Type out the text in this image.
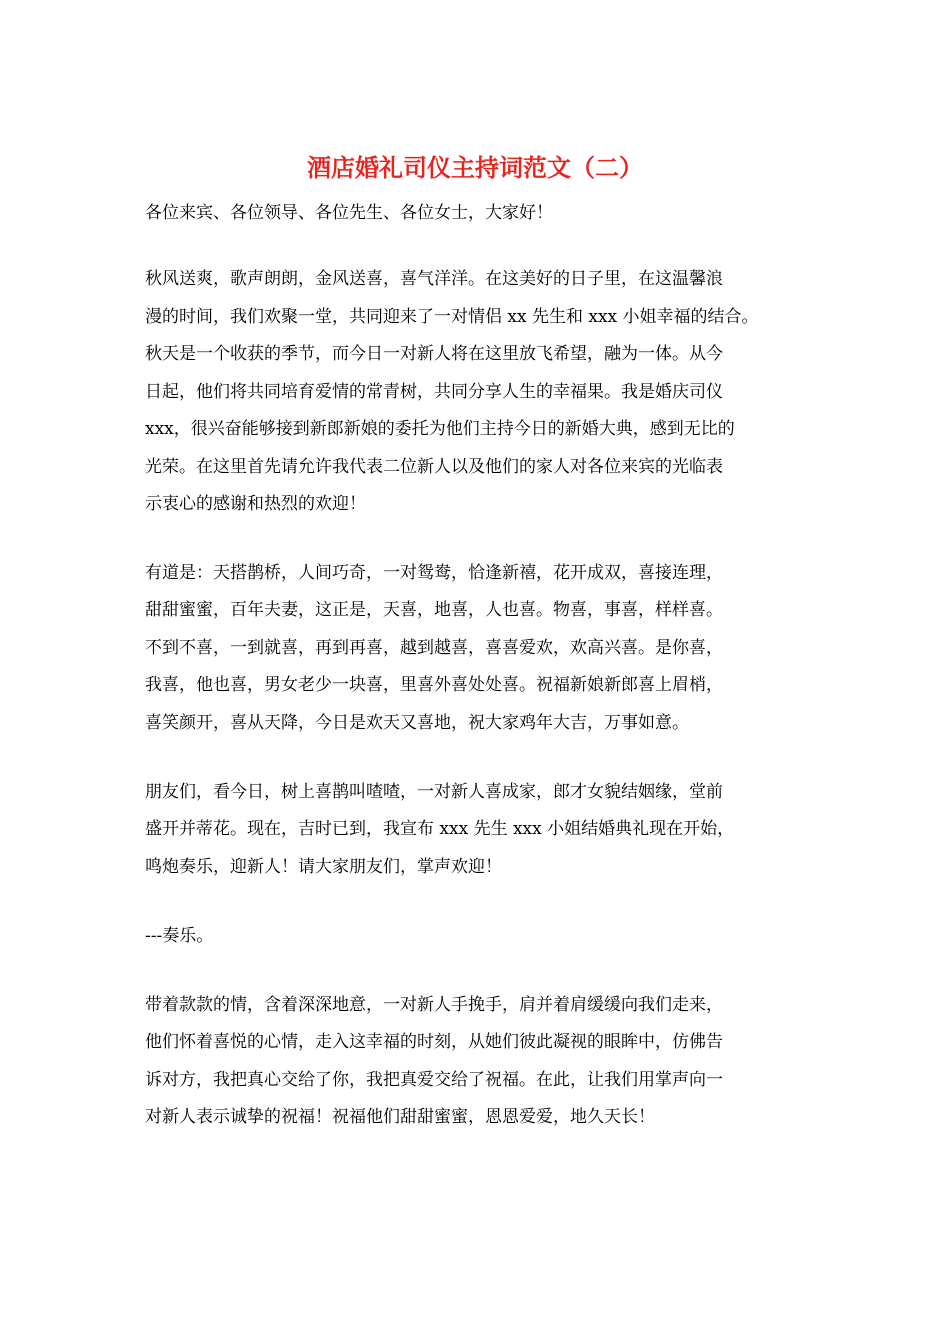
酒店婚礼司仪主持词范文（二）
各位来宾、各位领导、各位先生、各位女士，大家好！
秋风送爽，歌声朗朗，金风送喜，喜气洋洋。在这美好的日子里，在这温馨浪
漫的时间，我们欢聚一堂，共同迎来了一对情侣 xx 先生和 xxx 小姐幸福的结合。
秋天是一个收获的季节，而今日一对新人将在这里放飞希望，融为一体。从今
日起，他们将共同培育爱情的常青树，共同分享人生的幸福果。我是婚庆司仪
xxx，很兴奋能够接到新郎新娘的委托为他们主持今日的新婚大典，感到无比的
光荣。在这里首先请允许我代表二位新人以及他们的家人对各位来宾的光临表
示衷心的感谢和热烈的欢迎！
有道是：天搭鹊桥，人间巧奇，一对鸳鸯，恰逢新禧，花开成双，喜接连理，
甜甜蜜蜜，百年夫妻，这正是，天喜，地喜，人也喜。物喜，事喜，样样喜。
不到不喜，一到就喜，再到再喜，越到越喜，喜喜爱欢，欢高兴喜。是你喜，
我喜，他也喜，男女老少一块喜，里喜外喜处处喜。祝福新娘新郎喜上眉梢，
喜笑颜开，喜从天降，今日是欢天又喜地，祝大家鸡年大吉，万事如意。
朋友们，看今日，树上喜鹊叫喳喳，一对新人喜成家，郎才女貌结姻缘，堂前
盛开并蒂花。现在，吉时已到，我宣布 xxx 先生 xxx 小姐结婚典礼现在开始，
鸣炮奏乐，迎新人！请大家朋友们，掌声欢迎！
---奏乐。
带着款款的情，含着深深地意，一对新人手挽手，肩并着肩缓缓向我们走来，
他们怀着喜悦的心情，走入这幸福的时刻，从她们彼此凝视的眼眸中，仿佛告
诉对方，我把真心交给了你，我把真爱交给了祝福。在此，让我们用掌声向一
对新人表示诚挚的祝福！祝福他们甜甜蜜蜜，恩恩爱爱，地久天长！
